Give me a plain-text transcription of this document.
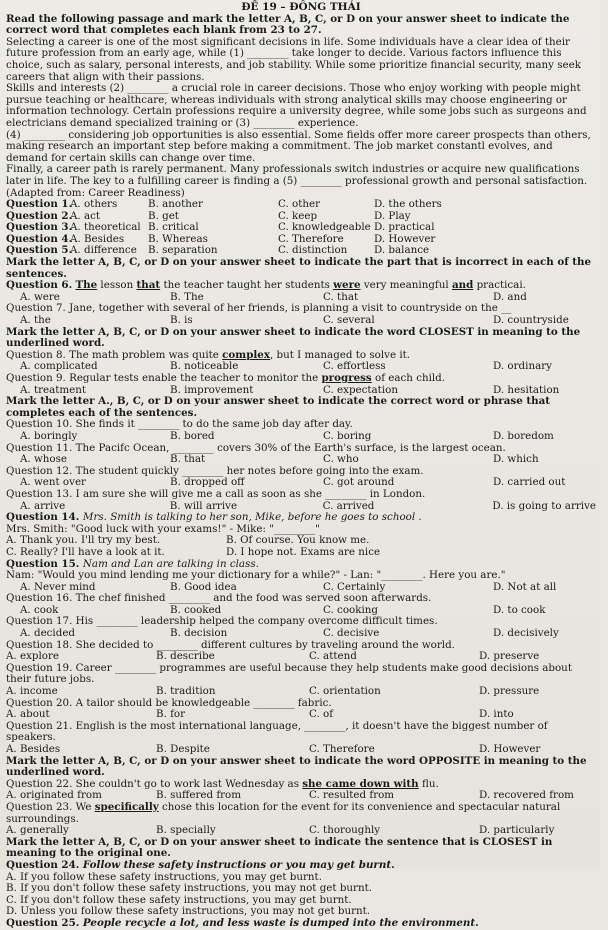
ĐỀ 19 – ĐÔNG THÁI

Read the following passage and mark the letter A, B, C, or D on your answer sheet to indicate the correct word that completes each blank from 23 to 27.

Selecting a career is one of the most significant decisions in life. Some individuals have a clear idea of their future profession from an early age, while (1) ________ take longer to decide. Various factors influence this choice, such as salary, personal interests, and job stability. While some prioritize financial security, many seek careers that align with their passions.

Skills and interests (2) ________ a crucial role in career decisions. Those who enjoy working with people might pursue teaching or healthcare, whereas individuals with strong analytical skills may choose engineering or information technology. Certain professions require a university degree, while some jobs such as surgeons and electricians demand specialized training or (3) ________ experience.

(4) ________ considering job opportunities is also essential. Some fields offer more career prospects than others, making research an important step before making a commitment. The job market constantl evolves, and demand for certain skills can change over time.

Finally, a career path is rarely permanent. Many professionals switch industries or acquire new qualifications later in life. The key to a fulfilling career is finding a (5) ________ professional growth and personal satisfaction.

(Adapted from: Career Readiness)

Question 1.
A. others	B. another	C. other	D. the others
Question 2.
A. act	B. get	C. keep	D. Play
Question 3.
A. theoretical B. critical	C. knowledgeable D. practical
Question 4.
A. Besides	B. Whereas	C. Therefore	D. However
Question 5.
A. difference	B. separation	C. distinction	D. balance

Mark the letter A, B, C, or D on your answer sheet to indicate the part that is incorrect in each of the sentences.

Question 6. The lesson that the teacher taught her students were very meaningful and practicai.

A. were	B. The	C. that	D. and

Question 7. Jane, together with several of her friends, is planning a visit to countryside on the __

A. the	B. is	C. several	D. countryside

Mark the letter A, B, C, or D on your answer sheet to indicate the word CLOSEST in meaning to the underlined word.

Question 8. The math problem was quite complex, but I managed to solve it.

A. complicated	B. noticeable	C. effortless	D. ordinary

Question 9. Regular tests enable the teacher to monitor the progress of each child.

A. treatment	B. improvement	C. expectation	D. hesitation

Mark the letter A., B, C, or D on your answer sheet to indicate the correct word or phrase that completes each of the sentences.

Question 10. She finds it ________ to do the same job day after day.

A. boringly	B. bored	C. boring	D. boredom

Question 11. The Pacifc Ocean, ________ covers 30% of the Earth's surface, is the largest ocean.

A. whose	B. that	C. who	D. which

Question 12. The student quickly ________ her notes before going into the exam.

A. went over	B. dropped off	C. got around	D. carried out

Question 13. I am sure she will give me a call as soon as she ________ in London.

A. arrive	B. will arrive	C. arrived	D. is going to arrive

Question 14. Mrs. Smith is talking to her son, Mike, before he goes to school .

Mrs. Smith: "Good luck with your exams!" - Mike: "________"

A. Thank you. I'll try my best.	B. Of course. You know me.
C. Really? I'll have a look at it.	D. I hope not. Exams are nice

Question 15. Nam and Lan are talking in class.

Nam: "Would you mind lending me your dictionary for a while?" - Lan: "________. Here you are."

A. Never mind	B. Good idea	C. Certainly	D. Not at all

Question 16. The chef finished ________ and the food was served soon afterwards.

A. cook	B. cooked	C. cooking	D. to cook

Question 17. His ________ leadership helped the company overcome difficult times.

A. decided	B. decision	C. decisive	D. decisively

Question 18. She decided to ________ different cultures by traveling around the world.

A. explore	B. describe	C. attend	D. preserve

Question 19. Career ________ programmes are useful because they help students make good decisions about their future jobs.

A. income	B. tradition	C. orientation	D. pressure

Question 20. A tailor should be knowledgeable ________ fabric.

A. about	B. for	C. of	D. into

Question 21. English is the most international language, ________, it doesn't have the biggest number of speakers.

A. Besides	B. Despite	C. Therefore	D. However

Mark the letter A, B, C, or D on your answer sheet to indicate the word OPPOSITE in meaning to the underlined word.

Question 22. She couldn't go to work last Wednesday as she came down with flu.

A. originated from	B. suffered from	C. resulted from	D. recovered from

Question 23. We specifically chose this location for the event for its convenience and spectacular natural surroundings.

A. generally	B. specially	C. thoroughly	D. particularly

Mark the letter A, B, C, or D on your answer sheet to indicate the sentence that is CLOSEST in meaning to the original one.

Question 24. Follow these safety instructions or you may get burnt.

A. If you follow these safety instructions, you may get burnt.

B. If you don't follow these safety instructions, you may not get burnt.

C. If you don't follow these safety instructions, you may get burnt.

D. Unless you follow these safety instructions, you may not get burnt.

Question 25. People recycle a lot, and less waste is dumped into the environment.
